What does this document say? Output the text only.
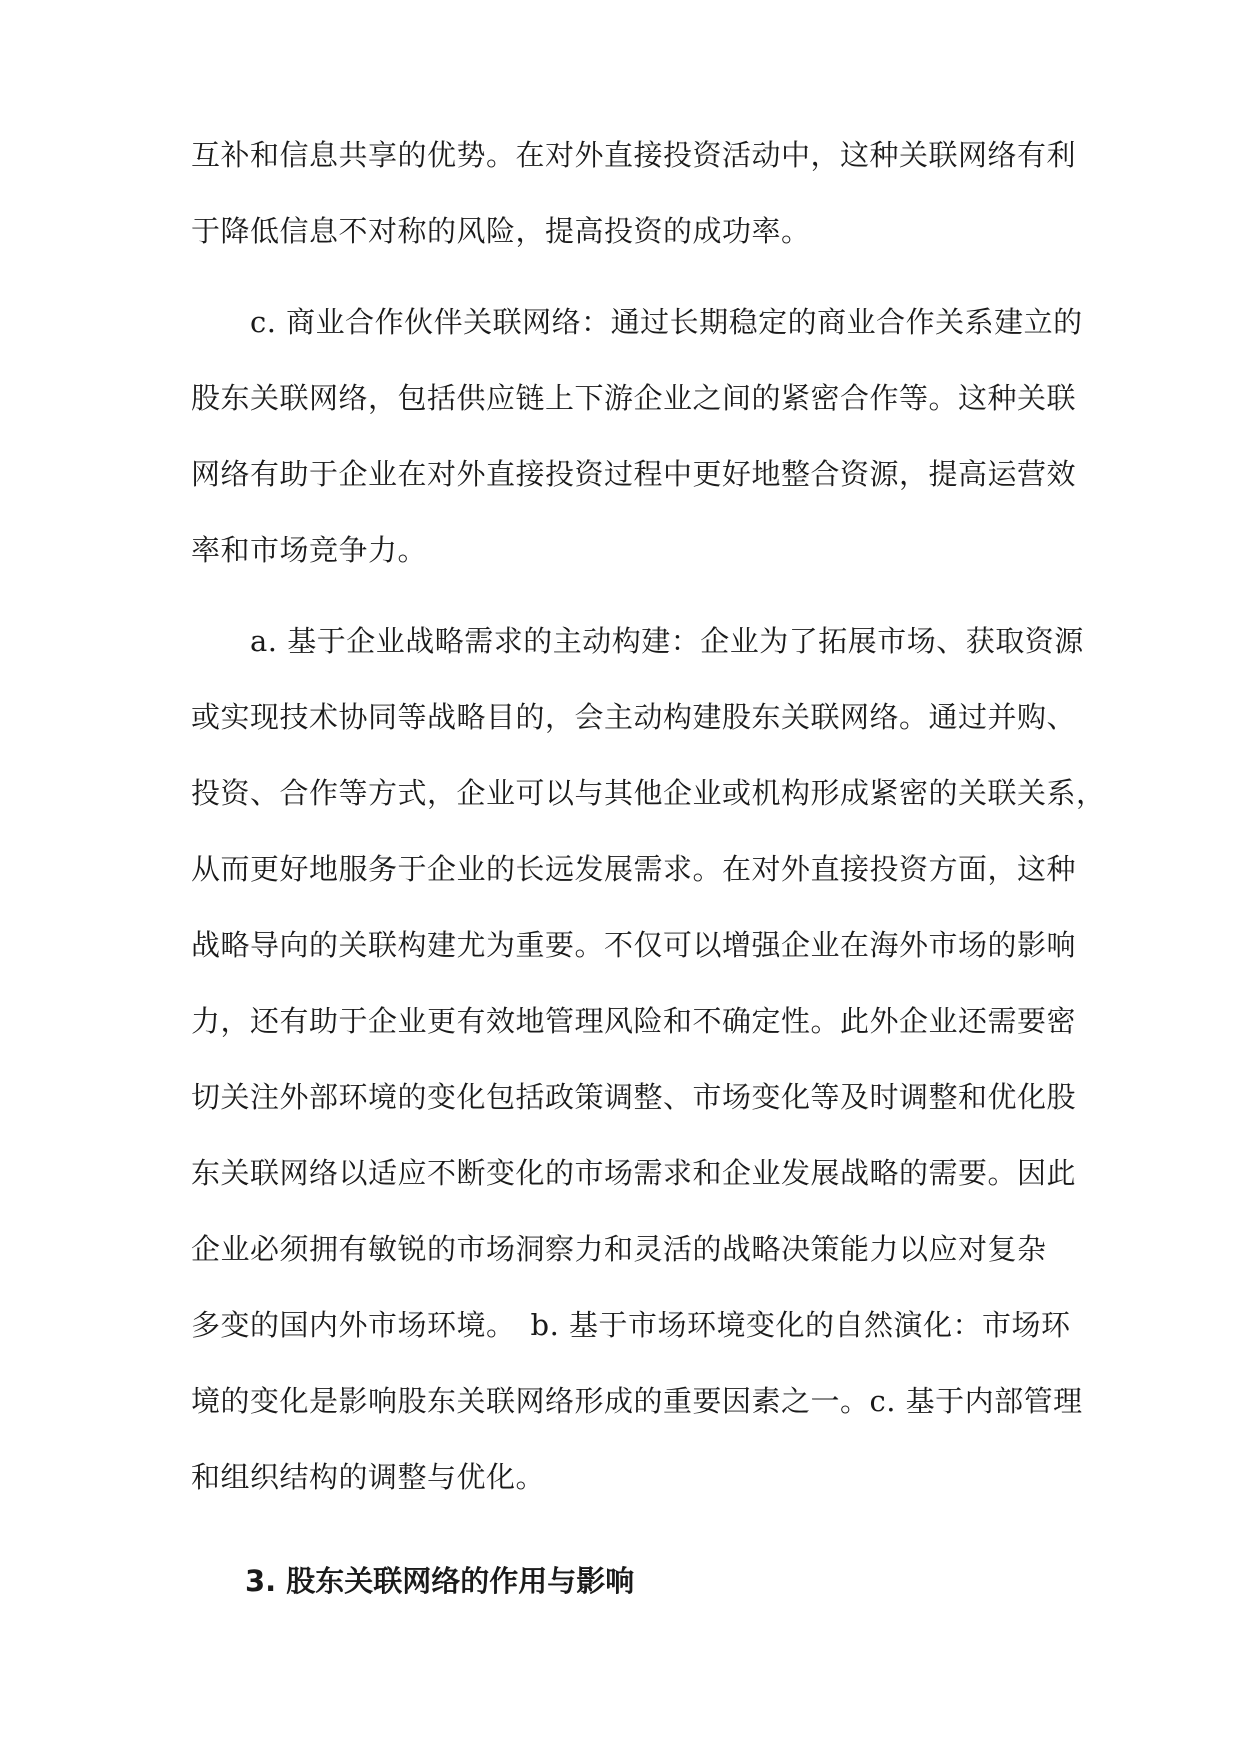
互补和信息共享的优势。在对外直接投资活动中，这种关联网络有利
于降低信息不对称的风险，提高投资的成功率。
　　c. 商业合作伙伴关联网络：通过长期稳定的商业合作关系建立的
股东关联网络，包括供应链上下游企业之间的紧密合作等。这种关联
网络有助于企业在对外直接投资过程中更好地整合资源，提高运营效
率和市场竞争力。
　　a. 基于企业战略需求的主动构建：企业为了拓展市场、获取资源
或实现技术协同等战略目的，会主动构建股东关联网络。通过并购、
投资、合作等方式，企业可以与其他企业或机构形成紧密的关联关系，
从而更好地服务于企业的长远发展需求。在对外直接投资方面，这种
战略导向的关联构建尤为重要。不仅可以增强企业在海外市场的影响
力，还有助于企业更有效地管理风险和不确定性。此外企业还需要密
切关注外部环境的变化包括政策调整、市场变化等及时调整和优化股
东关联网络以适应不断变化的市场需求和企业发展战略的需要。因此
企业必须拥有敏锐的市场洞察力和灵活的战略决策能力以应对复杂
多变的国内外市场环境。　b. 基于市场环境变化的自然演化：市场环
境的变化是影响股东关联网络形成的重要因素之一。c. 基于内部管理
和组织结构的调整与优化。
3. 股东关联网络的作用与影响
